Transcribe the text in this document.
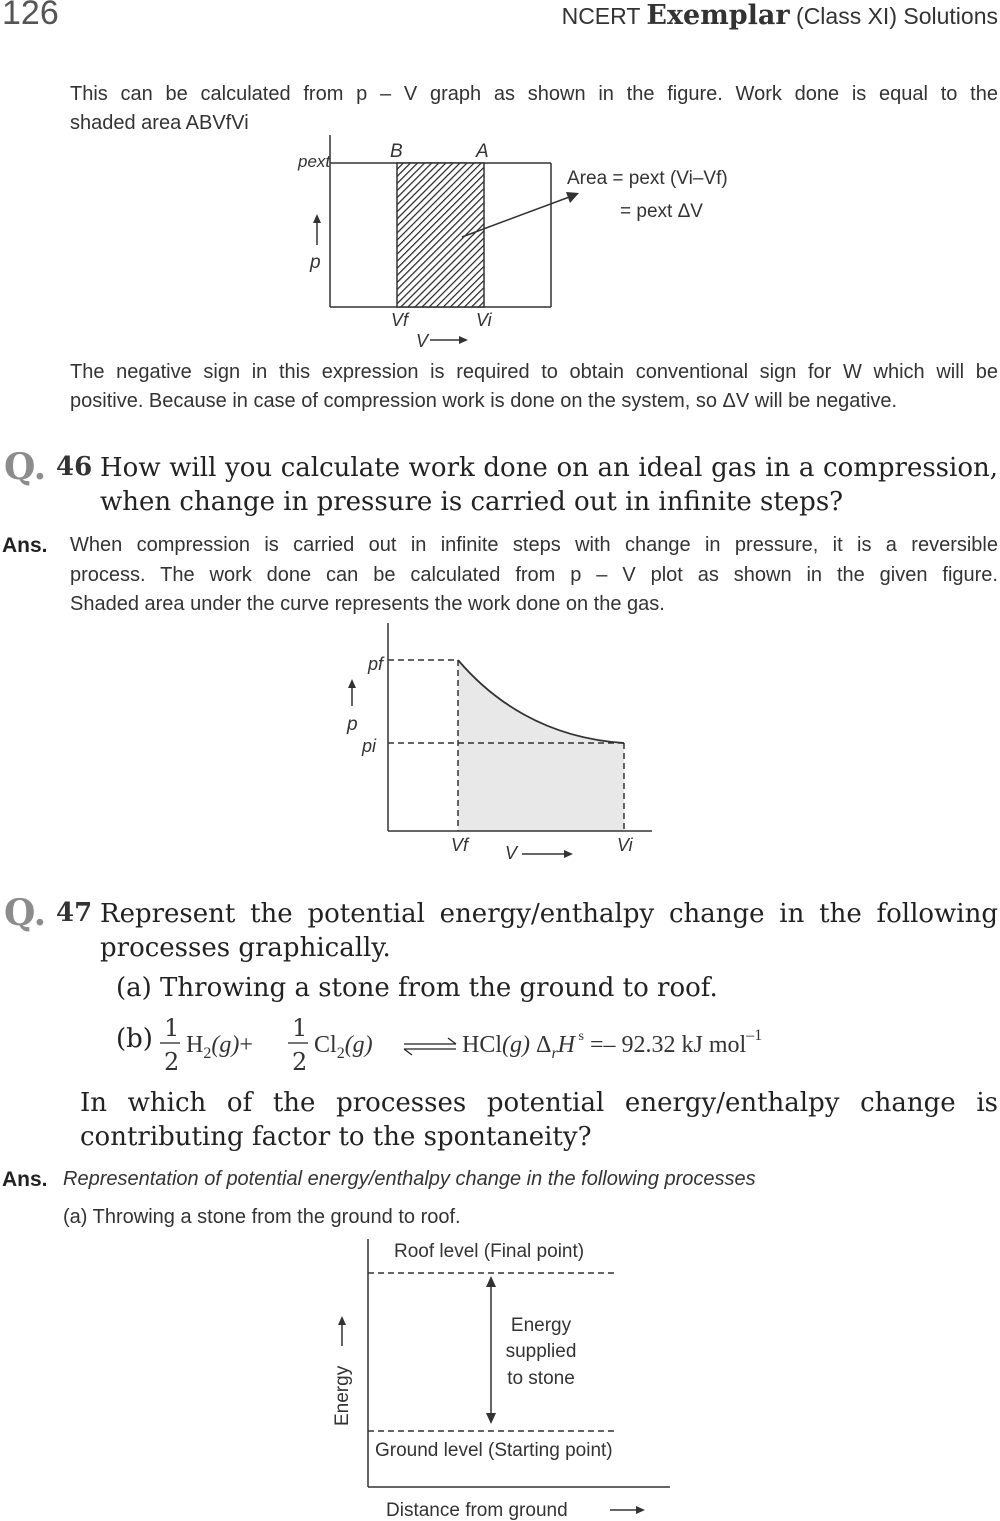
126	NCERT Exemplar (Class XI) Solutions
This can be calculated from p – V graph as shown in the figure. Work done is equal to the
shaded area ABVfVi
pext	B	A
p
Vf	Vi
V
Area = pext (Vi–Vf)
= pext ΔV
The negative sign in this expression is required to obtain conventional sign for W which will be
positive. Because in case of compression work is done on the system, so ΔV will be negative.
Q. 46 How will you calculate work done on an ideal gas in a compression,
when change in pressure is carried out in infinite steps?
Ans. When compression is carried out in infinite steps with change in pressure, it is a reversible
process. The work done can be calculated from p – V plot as shown in the given figure.
Shaded area under the curve represents the work done on the gas.
pf
p
pi
Vf V	Vi
Q. 47 Represent the potential energy/enthalpy change in the following
processes graphically.
(a) Throwing a stone from the ground to roof.
(b) 1
2
$H_2(g)+$
1
2
$Cl_2(g)$	HCl(g) $\Delta_rH$ $^s$ =– 92.32 kJ mol$^{-1}$
In which of the processes potential energy/enthalpy change is
contributing factor to the spontaneity?
Ans. Representation of potential energy/enthalpy change in the following processes
(a) Throwing a stone from the ground to roof.
Roof level (Final point)
Energy
supplied
to stone
Ground level (Starting point)
Energy
Distance from ground
